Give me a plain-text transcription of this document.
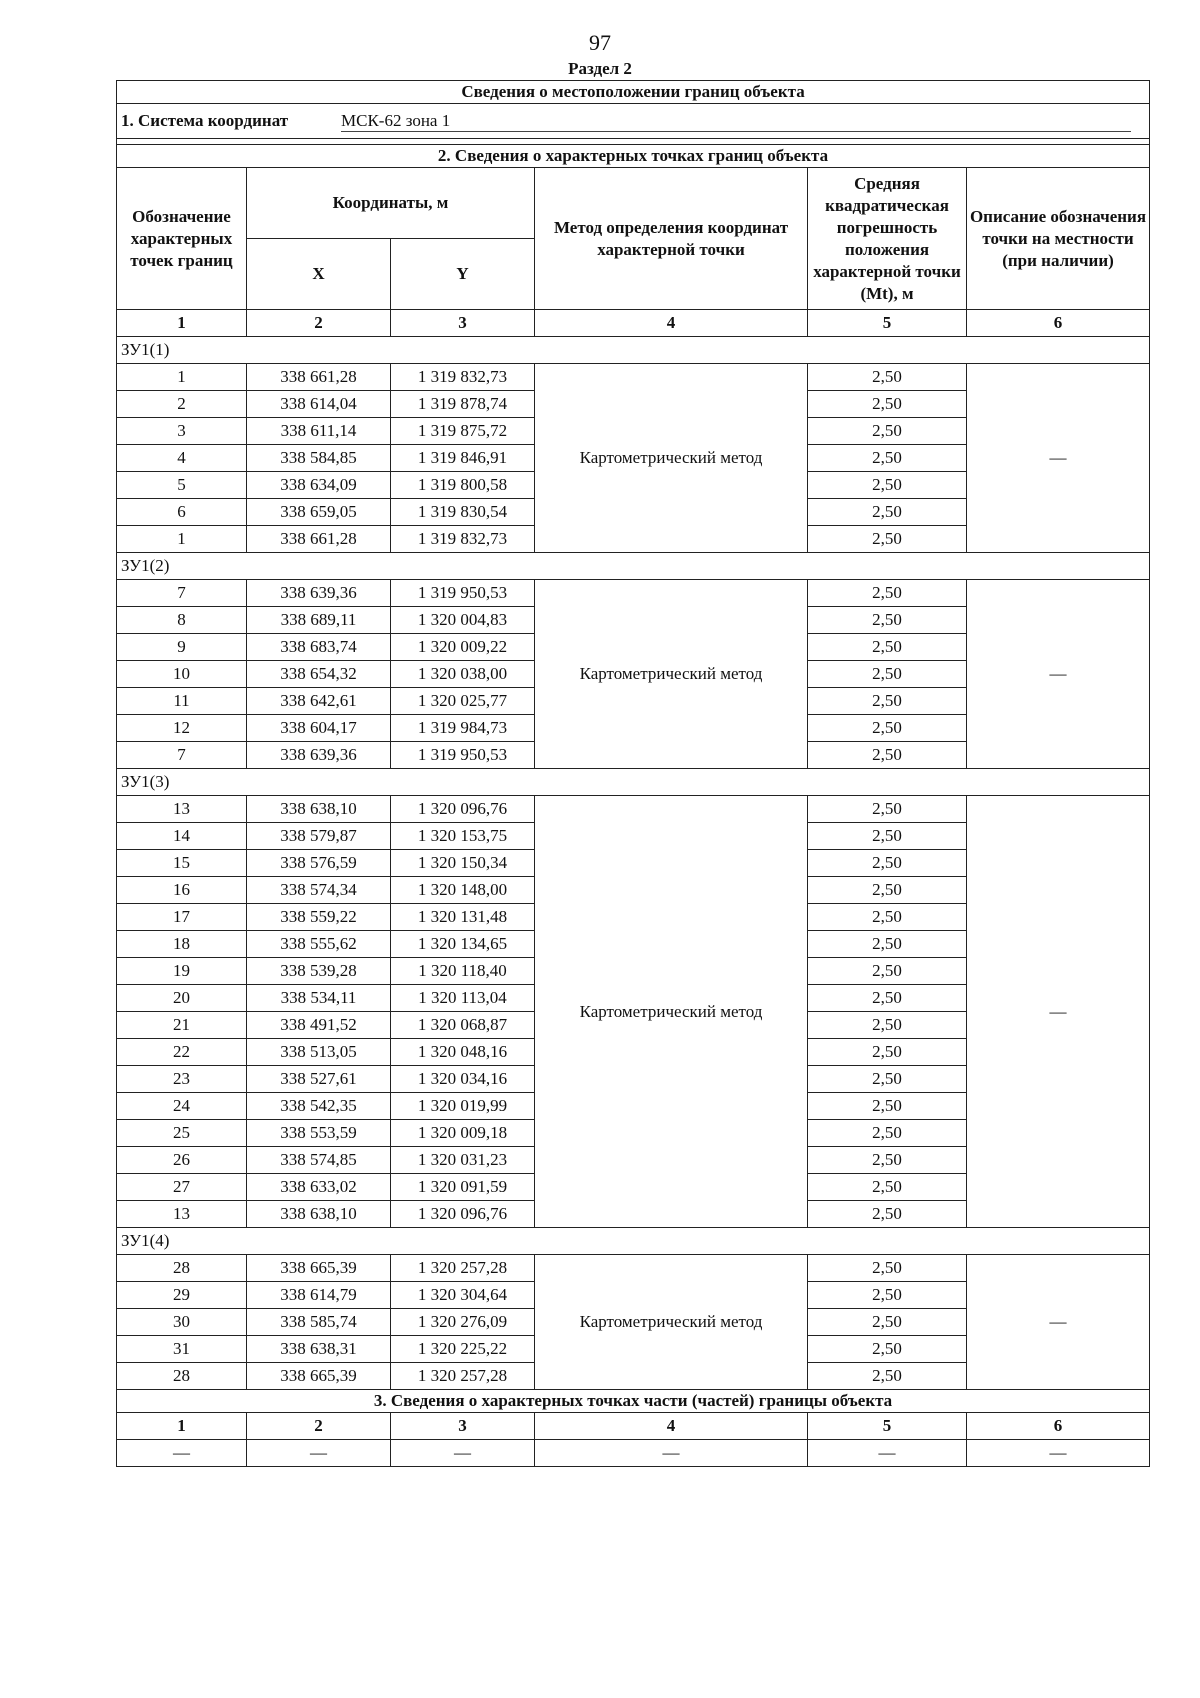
97
Раздел 2
Сведения о местоположении границ объекта					
1. Система координат МСК-62 зона 1					

2. Сведения о характерных точках границ объекта					
Обозначение характерных точек границ	Координаты, м		Метод определения координат характерной точки	Средняя квадратическая погрешность положения характерной точки (Mt), м	Описание обозначения точки на местности (при наличии)
	X	Y			
1	2	3	4	5	6
ЗУ1(1)					
1	338 661,28	1 319 832,73	Картометрический метод	2,50	—
2	338 614,04	1 319 878,74		2,50	
3	338 611,14	1 319 875,72		2,50	
4	338 584,85	1 319 846,91		2,50	
5	338 634,09	1 319 800,58		2,50	
6	338 659,05	1 319 830,54		2,50	
1	338 661,28	1 319 832,73		2,50	
ЗУ1(2)					
7	338 639,36	1 319 950,53	Картометрический метод	2,50	—
8	338 689,11	1 320 004,83		2,50	
9	338 683,74	1 320 009,22		2,50	
10	338 654,32	1 320 038,00		2,50	
11	338 642,61	1 320 025,77		2,50	
12	338 604,17	1 319 984,73		2,50	
7	338 639,36	1 319 950,53		2,50	
ЗУ1(3)					
13	338 638,10	1 320 096,76	Картометрический метод	2,50	—
14	338 579,87	1 320 153,75		2,50	
15	338 576,59	1 320 150,34		2,50	
16	338 574,34	1 320 148,00		2,50	
17	338 559,22	1 320 131,48		2,50	
18	338 555,62	1 320 134,65		2,50	
19	338 539,28	1 320 118,40		2,50	
20	338 534,11	1 320 113,04		2,50	
21	338 491,52	1 320 068,87		2,50	
22	338 513,05	1 320 048,16		2,50	
23	338 527,61	1 320 034,16		2,50	
24	338 542,35	1 320 019,99		2,50	
25	338 553,59	1 320 009,18		2,50	
26	338 574,85	1 320 031,23		2,50	
27	338 633,02	1 320 091,59		2,50	
13	338 638,10	1 320 096,76		2,50	
ЗУ1(4)					
28	338 665,39	1 320 257,28	Картометрический метод	2,50	—
29	338 614,79	1 320 304,64		2,50	
30	338 585,74	1 320 276,09		2,50	
31	338 638,31	1 320 225,22		2,50	
28	338 665,39	1 320 257,28		2,50	
3. Сведения о характерных точках части (частей) границы объекта					
1	2	3	4	5	6
—	—	—	—	—	—
